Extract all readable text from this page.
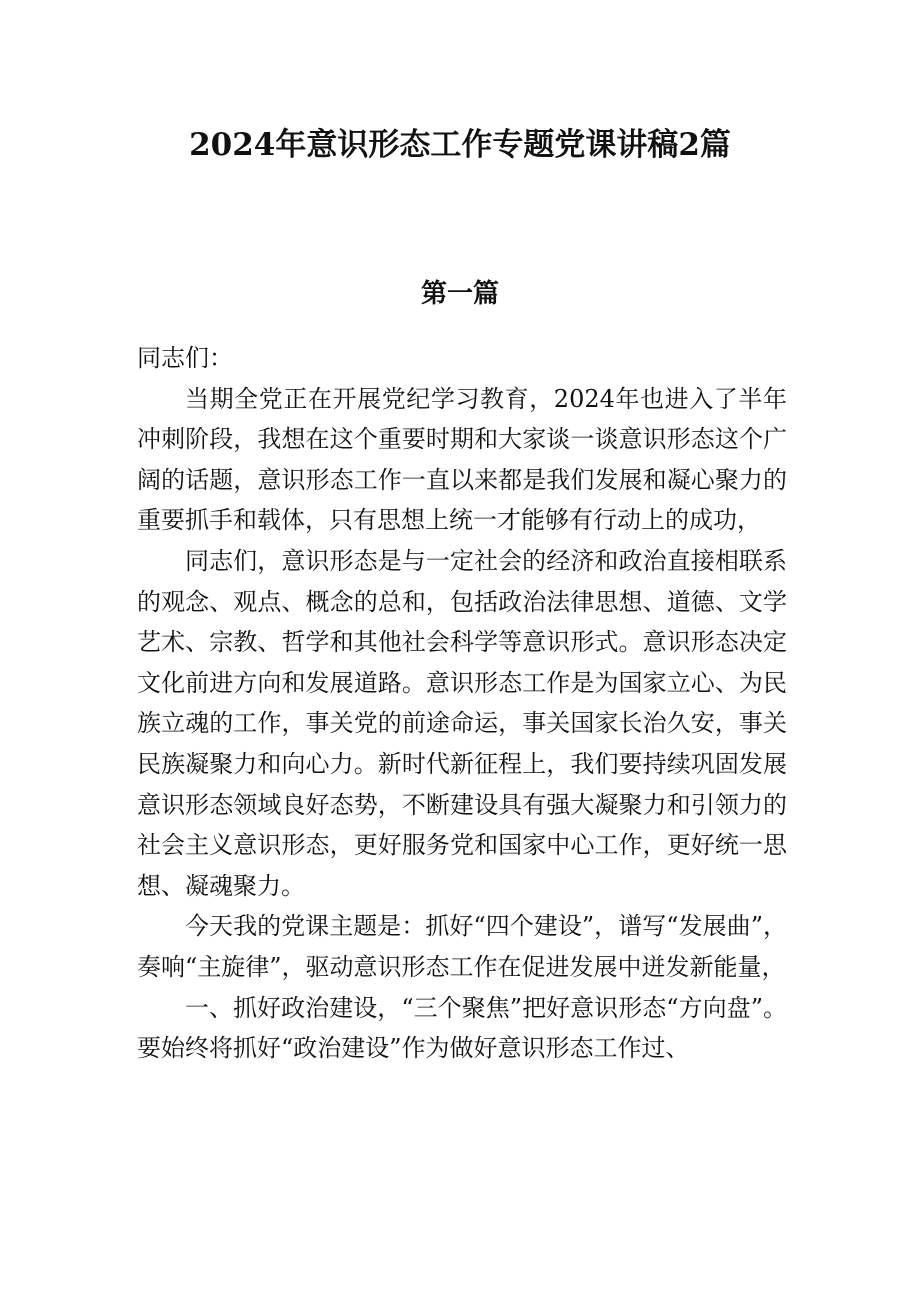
2024年意识形态工作专题党课讲稿2篇
第一篇

同志们：

当期全党正在开展党纪学习教育，2024年也进入了半年冲刺阶段，我想在这个重要时期和大家谈一谈意识形态这个广阔的话题，意识形态工作一直以来都是我们发展和凝心聚力的重要抓手和载体，只有思想上统一才能够有行动上的成功，

同志们，意识形态是与一定社会的经济和政治直接相联系的观念、观点、概念的总和，包括政治法律思想、道德、文学艺术、宗教、哲学和其他社会科学等意识形式。意识形态决定文化前进方向和发展道路。意识形态工作是为国家立心、为民族立魂的工作，事关党的前途命运，事关国家长治久安，事关民族凝聚力和向心力。新时代新征程上，我们要持续巩固发展意识形态领域良好态势，不断建设具有强大凝聚力和引领力的社会主义意识形态，更好服务党和国家中心工作，更好统一思想、凝魂聚力。

今天我的党课主题是：抓好“四个建设”，谱写“发展曲”，奏响“主旋律”，驱动意识形态工作在促进发展中迸发新能量，

一、抓好政治建设，“三个聚焦”把好意识形态“方向盘”。要始终将抓好“政治建设”作为做好意识形态工作过、
